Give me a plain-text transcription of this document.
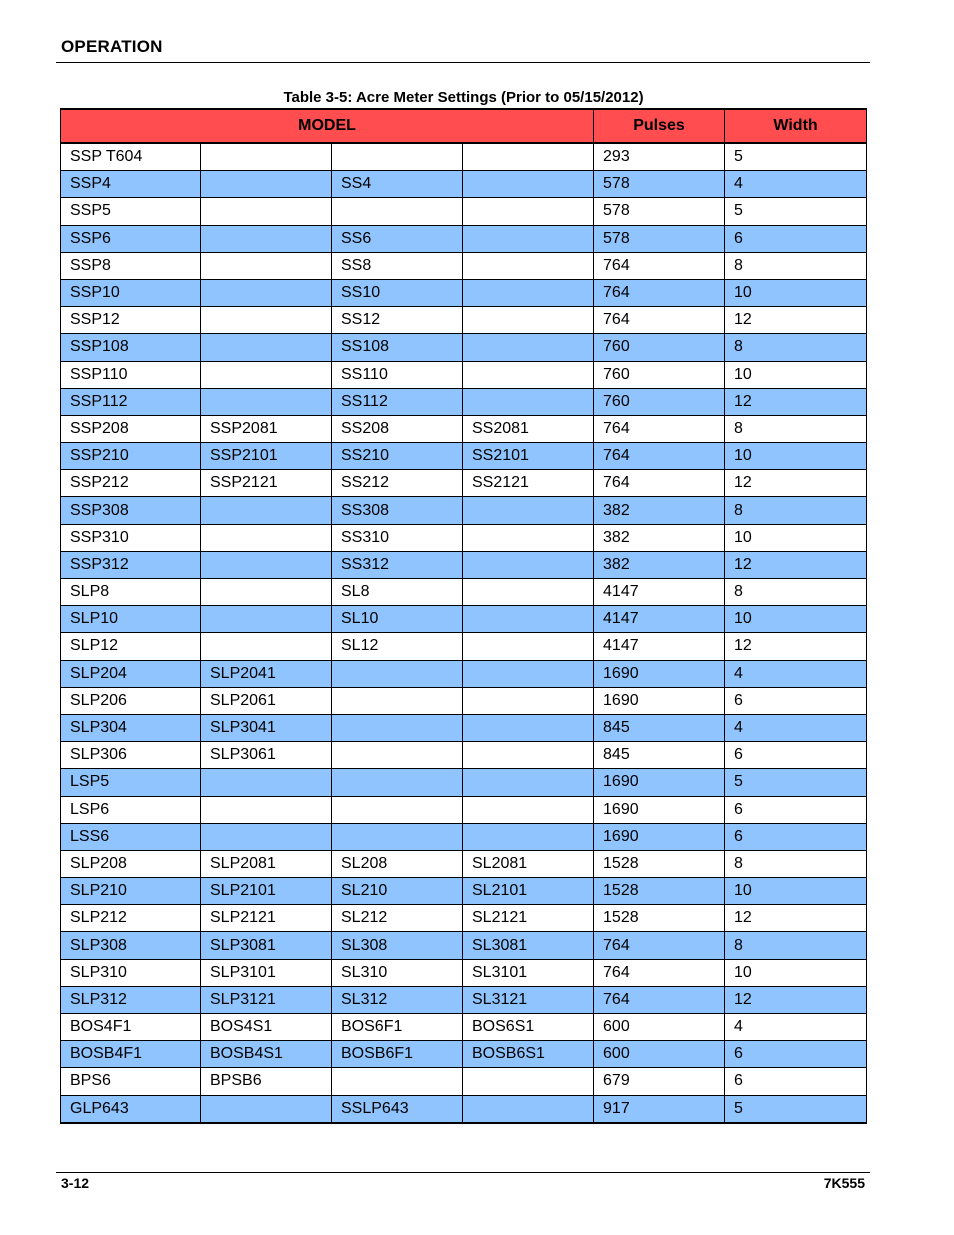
OPERATION
Table 3-5: Acre Meter Settings (Prior to 05/15/2012)
MODEL				Pulses	Width
SSP T604				293	5
SSP4		SS4		578	4
SSP5				578	5
SSP6		SS6		578	6
SSP8		SS8		764	8
SSP10		SS10		764	10
SSP12		SS12		764	12
SSP108		SS108		760	8
SSP110		SS110		760	10
SSP112		SS112		760	12
SSP208	SSP2081	SS208	SS2081	764	8
SSP210	SSP2101	SS210	SS2101	764	10
SSP212	SSP2121	SS212	SS2121	764	12
SSP308		SS308		382	8
SSP310		SS310		382	10
SSP312		SS312		382	12
SLP8		SL8		4147	8
SLP10		SL10		4147	10
SLP12		SL12		4147	12
SLP204	SLP2041			1690	4
SLP206	SLP2061			1690	6
SLP304	SLP3041			845	4
SLP306	SLP3061			845	6
LSP5				1690	5
LSP6				1690	6
LSS6				1690	6
SLP208	SLP2081	SL208	SL2081	1528	8
SLP210	SLP2101	SL210	SL2101	1528	10
SLP212	SLP2121	SL212	SL2121	1528	12
SLP308	SLP3081	SL308	SL3081	764	8
SLP310	SLP3101	SL310	SL3101	764	10
SLP312	SLP3121	SL312	SL3121	764	12
BOS4F1	BOS4S1	BOS6F1	BOS6S1	600	4
BOSB4F1	BOSB4S1	BOSB6F1	BOSB6S1	600	6
BPS6	BPSB6			679	6
GLP643		SSLP643		917	5
3-12	7K555
